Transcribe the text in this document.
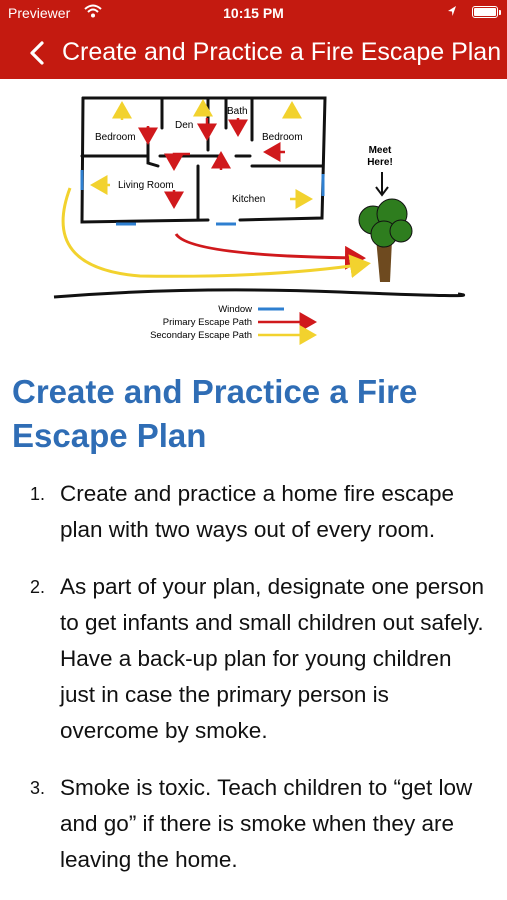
Previewer	10:15 PM
Create and Practice a Fire Escape Plan
Bedroom
Den
Bath
Bedroom
Living Room
Kitchen
Meet
Here!
Window
Primary Escape Path
Secondary Escape Path
Create and Practice a Fire Escape Plan
1. Create and practice a home fire escape plan with two ways out of every room.
2. As part of your plan, designate one person to get infants and small children out safely. Have a back-up plan for young children just in case the primary person is overcome by smoke.
3. Smoke is toxic. Teach children to “get low and go” if there is smoke when they are leaving the home.
